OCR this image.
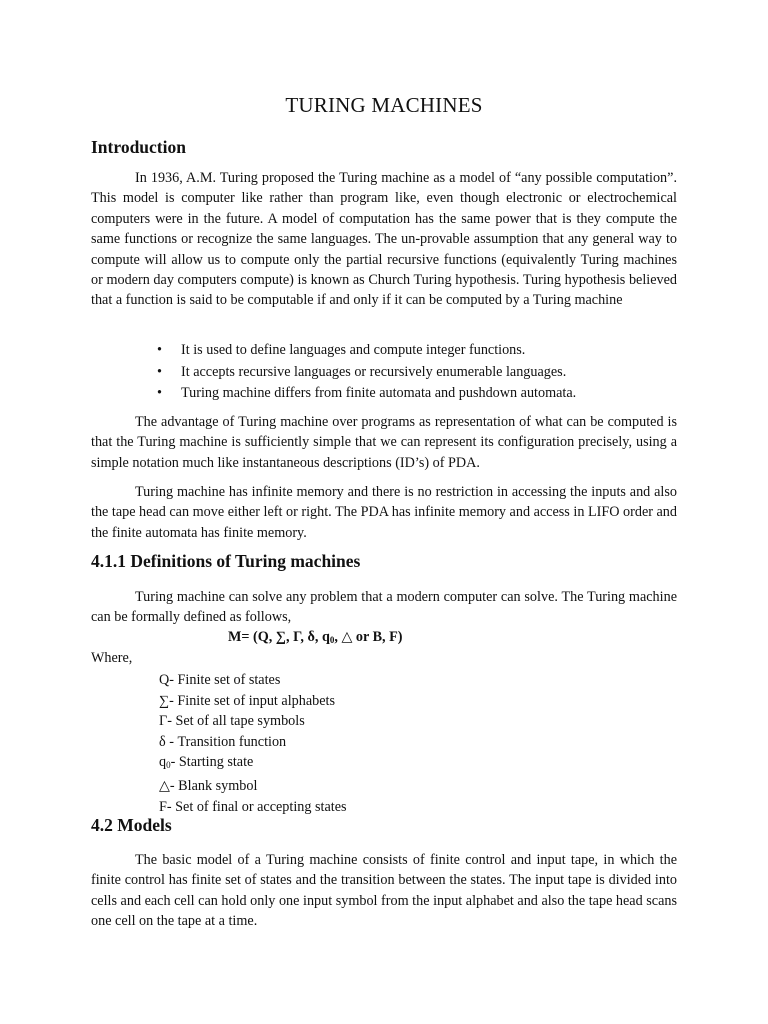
TURING MACHINES
Introduction

In 1936, A.M. Turing proposed the Turing machine as a model of “any possible computation”. This model is computer like rather than program like, even though electronic or electrochemical computers were in the future. A model of computation has the same power that is they compute the same functions or recognize the same languages. The un-provable assumption that any general way to compute will allow us to compute only the partial recursive functions (equivalently Turing machines or modern day computers compute) is known as Church Turing hypothesis. Turing hypothesis believed that a function is said to be computable if and only if it can be computed by a Turing machine

• It is used to define languages and compute integer functions.
• It accepts recursive languages or recursively enumerable languages.
• Turing machine differs from finite automata and pushdown automata.

The advantage of Turing machine over programs as representation of what can be computed is that the Turing machine is sufficiently simple that we can represent its configuration precisely, using a simple notation much like instantaneous descriptions (ID’s) of PDA.

Turing machine has infinite memory and there is no restriction in accessing the inputs and also the tape head can move either left or right. The PDA has infinite memory and access in LIFO order and the finite automata has finite memory.

4.1.1 Definitions of Turing machines

Turing machine can solve any problem that a modern computer can solve. The Turing machine can be formally defined as follows,

M= (Q, ∑, Γ, δ, $q_0$, △ or B, F)
Where,
Q- Finite set of states
∑- Finite set of input alphabets
Γ- Set of all tape symbols
δ - Transition function
$q_0-$ Starting state
△- Blank symbol
F- Set of final or accepting states
4.2 Models

The basic model of a Turing machine consists of finite control and input tape, in which the finite control has finite set of states and the transition between the states. The input tape is divided into cells and each cell can hold only one input symbol from the input alphabet and also the tape head scans one cell on the tape at a time.
